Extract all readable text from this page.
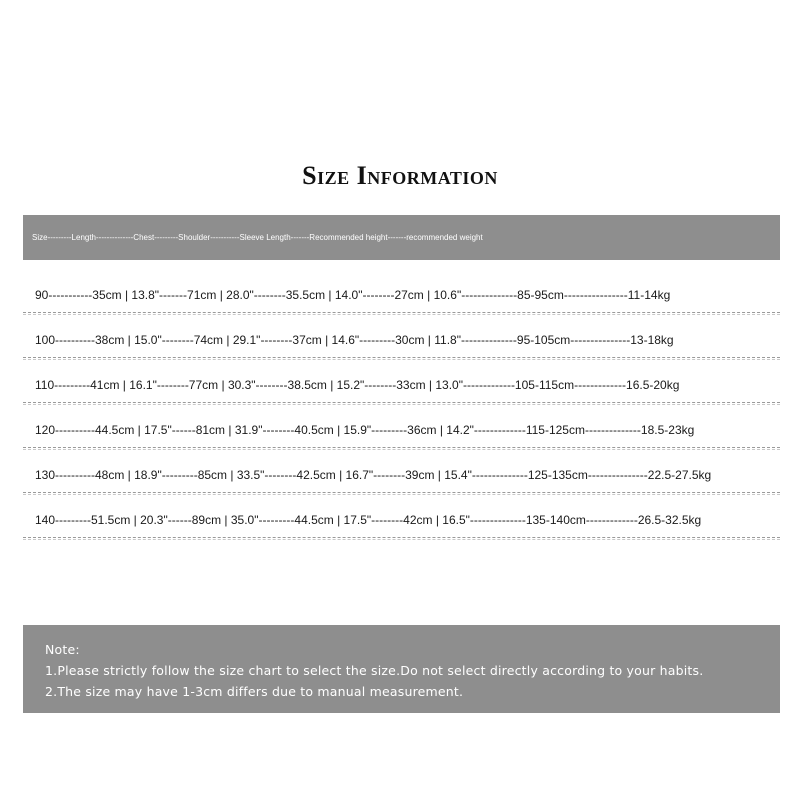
Size Information
Size---------Length--------------Chest---------Shoulder-----------Sleeve Length-------Recommended height-------recommended weight
90-----------35cm | 13.8"-------71cm | 28.0"--------35.5cm | 14.0"--------27cm | 10.6"--------------85-95cm----------------11-14kg
100----------38cm | 15.0"--------74cm | 29.1"--------37cm | 14.6"---------30cm | 11.8"--------------95-105cm---------------13-18kg
110---------41cm | 16.1"--------77cm | 30.3"--------38.5cm | 15.2"--------33cm | 13.0"-------------105-115cm-------------16.5-20kg
120----------44.5cm | 17.5"------81cm | 31.9"--------40.5cm | 15.9"---------36cm | 14.2"-------------115-125cm--------------18.5-23kg
130----------48cm | 18.9"---------85cm | 33.5"--------42.5cm | 16.7"--------39cm | 15.4"--------------125-135cm---------------22.5-27.5kg
140---------51.5cm | 20.3"------89cm | 35.0"---------44.5cm | 17.5"--------42cm | 16.5"--------------135-140cm-------------26.5-32.5kg
Note:
1.Please strictly follow the size chart to select the size.Do not select directly according to your habits.
2.The size may have 1-3cm differs due to manual measurement.
